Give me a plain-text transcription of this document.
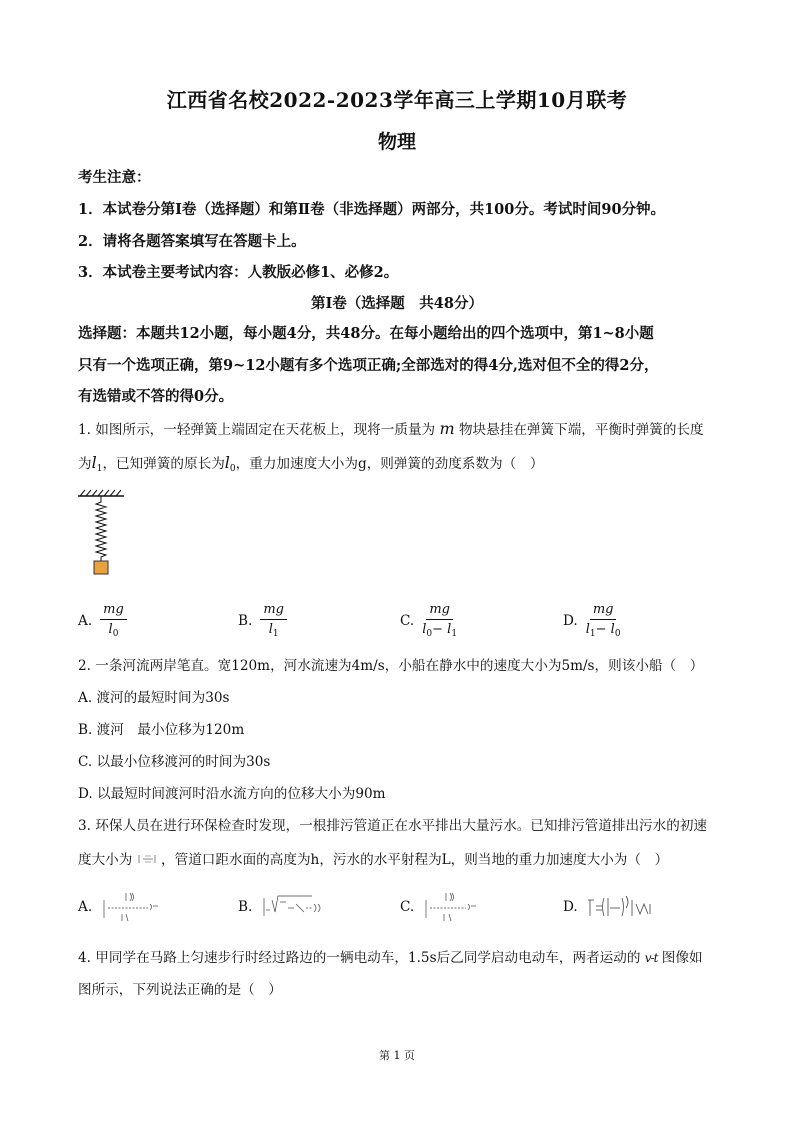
江西省名校2022-2023学年高三上学期10月联考
物理
考生注意：
1．本试卷分第Ⅰ卷（选择题）和第Ⅱ卷（非选择题）两部分，共100分。考试时间90分钟。
2．请将各题答案填写在答题卡上。
3．本试卷主要考试内容：人教版必修1、必修2。
第Ⅰ卷（选择题　共48分）
选择题：本题共12小题，每小题4分，共48分。在每小题给出的四个选项中，第1~8小题
只有一个选项正确，第9~12小题有多个选项正确;全部选对的得4分,选对但不全的得2分，
有选错或不答的得0分。
1. 如图所示，一轻弹簧上端固定在天花板上，现将一质量为 m 物块悬挂在弹簧下端，平衡时弹簧的长度
为$l_1$，已知弹簧的原长为$l_0$，重力加速度大小为g，则弹簧的劲度系数为（　）
A. $\frac{mg}{l_0}$	B. $\frac{mg}{l_1}$	C. $\frac{mg}{l_0- l_1}$	D. $\frac{mg}{l_1- l_0}$
2. 一条河流两岸笔直。宽120m，河水流速为4m/s，小船在静水中的速度大小为5m/s，则该小船（　）
A. 渡河的最短时间为30s
B. 渡河　最小位移为120m
C. 以最小位移渡河的时间为30s
D. 以最短时间渡河时沿水流方向的位移大小为90m
3. 环保人员在进行环保检查时发现，一根排污管道正在水平排出大量污水。已知排污管道排出污水的初速
度大小为 ，管道口距水面的高度为h，污水的水平射程为L，则当地的重力加速度大小为（　）
A.	B.	C.	D.
4. 甲同学在马路上匀速步行时经过路边的一辆电动车，1.5s后乙同学启动电动车，两者运动的 v-t 图像如
图所示，下列说法正确的是（　）
第 1 页
